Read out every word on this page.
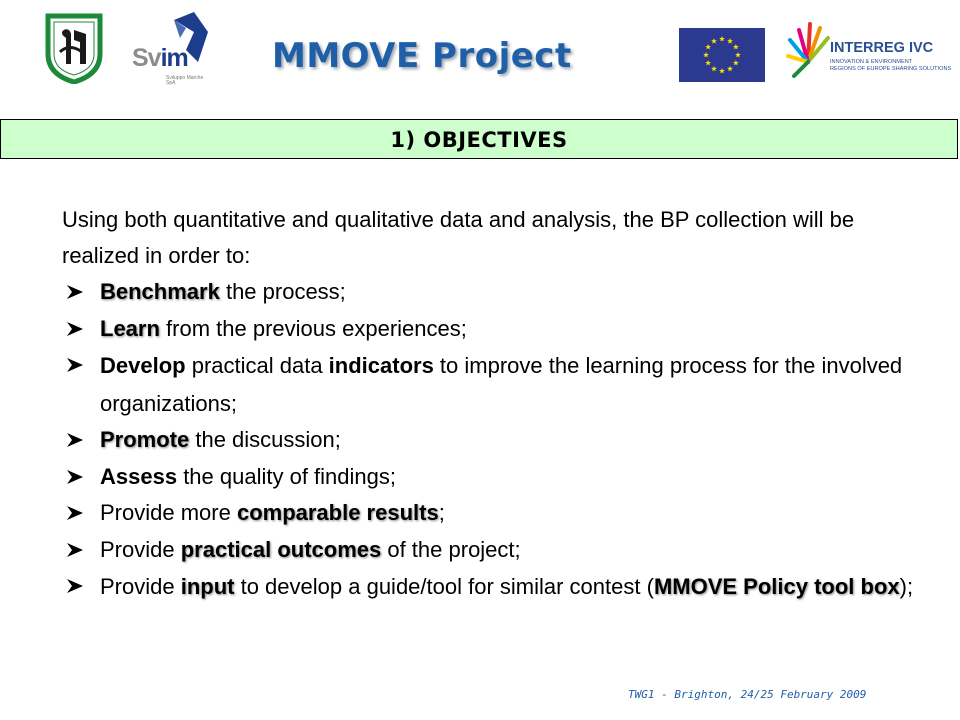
Svim
Sviluppo Marche SpA
MMOVE Project	INTERREG IVC
INNOVATION & ENVIRONMENT
REGIONS OF EUROPE SHARING SOLUTIONS
1) OBJECTIVES

Using both quantitative and qualitative data and analysis, the BP collection will be realized in order to:

Benchmark the process;
Learn from the previous experiences;
Develop practical data indicators to improve the learning process for the involved organizations;
Promote the discussion;
Assess the quality of findings;
Provide more comparable results;
Provide practical outcomes of the project;
Provide input to develop a guide/tool for similar contest (MMOVE Policy tool box);
TWG1 - Brighton, 24/25 February 2009
